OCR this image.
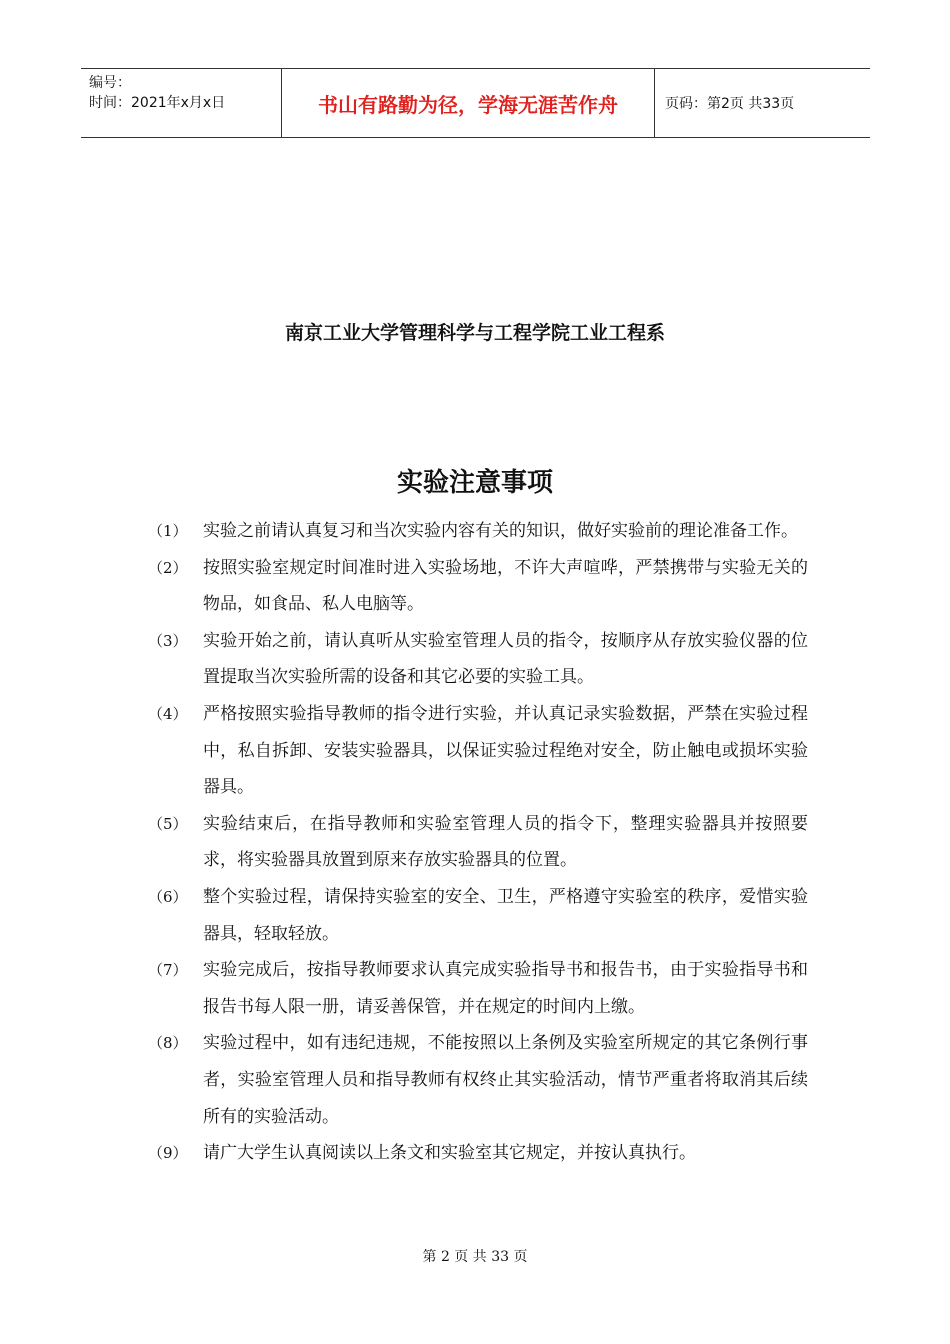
编号：
时间：2021年x月x日	书山有路勤为径，学海无涯苦作舟	页码：第2页 共33页
南京工业大学管理科学与工程学院工业工程系
实验注意事项
（1） 实验之前请认真复习和当次实验内容有关的知识，做好实验前的理论准备工作。
（2） 按照实验室规定时间准时进入实验场地，不许大声喧哗，严禁携带与实验无关的物品，如食品、私人电脑等。
（3） 实验开始之前，请认真听从实验室管理人员的指令，按顺序从存放实验仪器的位置提取当次实验所需的设备和其它必要的实验工具。
（4） 严格按照实验指导教师的指令进行实验，并认真记录实验数据，严禁在实验过程中，私自拆卸、安装实验器具，以保证实验过程绝对安全，防止触电或损坏实验器具。
（5） 实验结束后，在指导教师和实验室管理人员的指令下，整理实验器具并按照要求，将实验器具放置到原来存放实验器具的位置。
（6） 整个实验过程，请保持实验室的安全、卫生，严格遵守实验室的秩序，爱惜实验器具，轻取轻放。
（7） 实验完成后，按指导教师要求认真完成实验指导书和报告书，由于实验指导书和报告书每人限一册，请妥善保管，并在规定的时间内上缴。
（8） 实验过程中，如有违纪违规，不能按照以上条例及实验室所规定的其它条例行事者，实验室管理人员和指导教师有权终止其实验活动，情节严重者将取消其后续所有的实验活动。
（9） 请广大学生认真阅读以上条文和实验室其它规定，并按认真执行。
第 2 页 共 33 页
